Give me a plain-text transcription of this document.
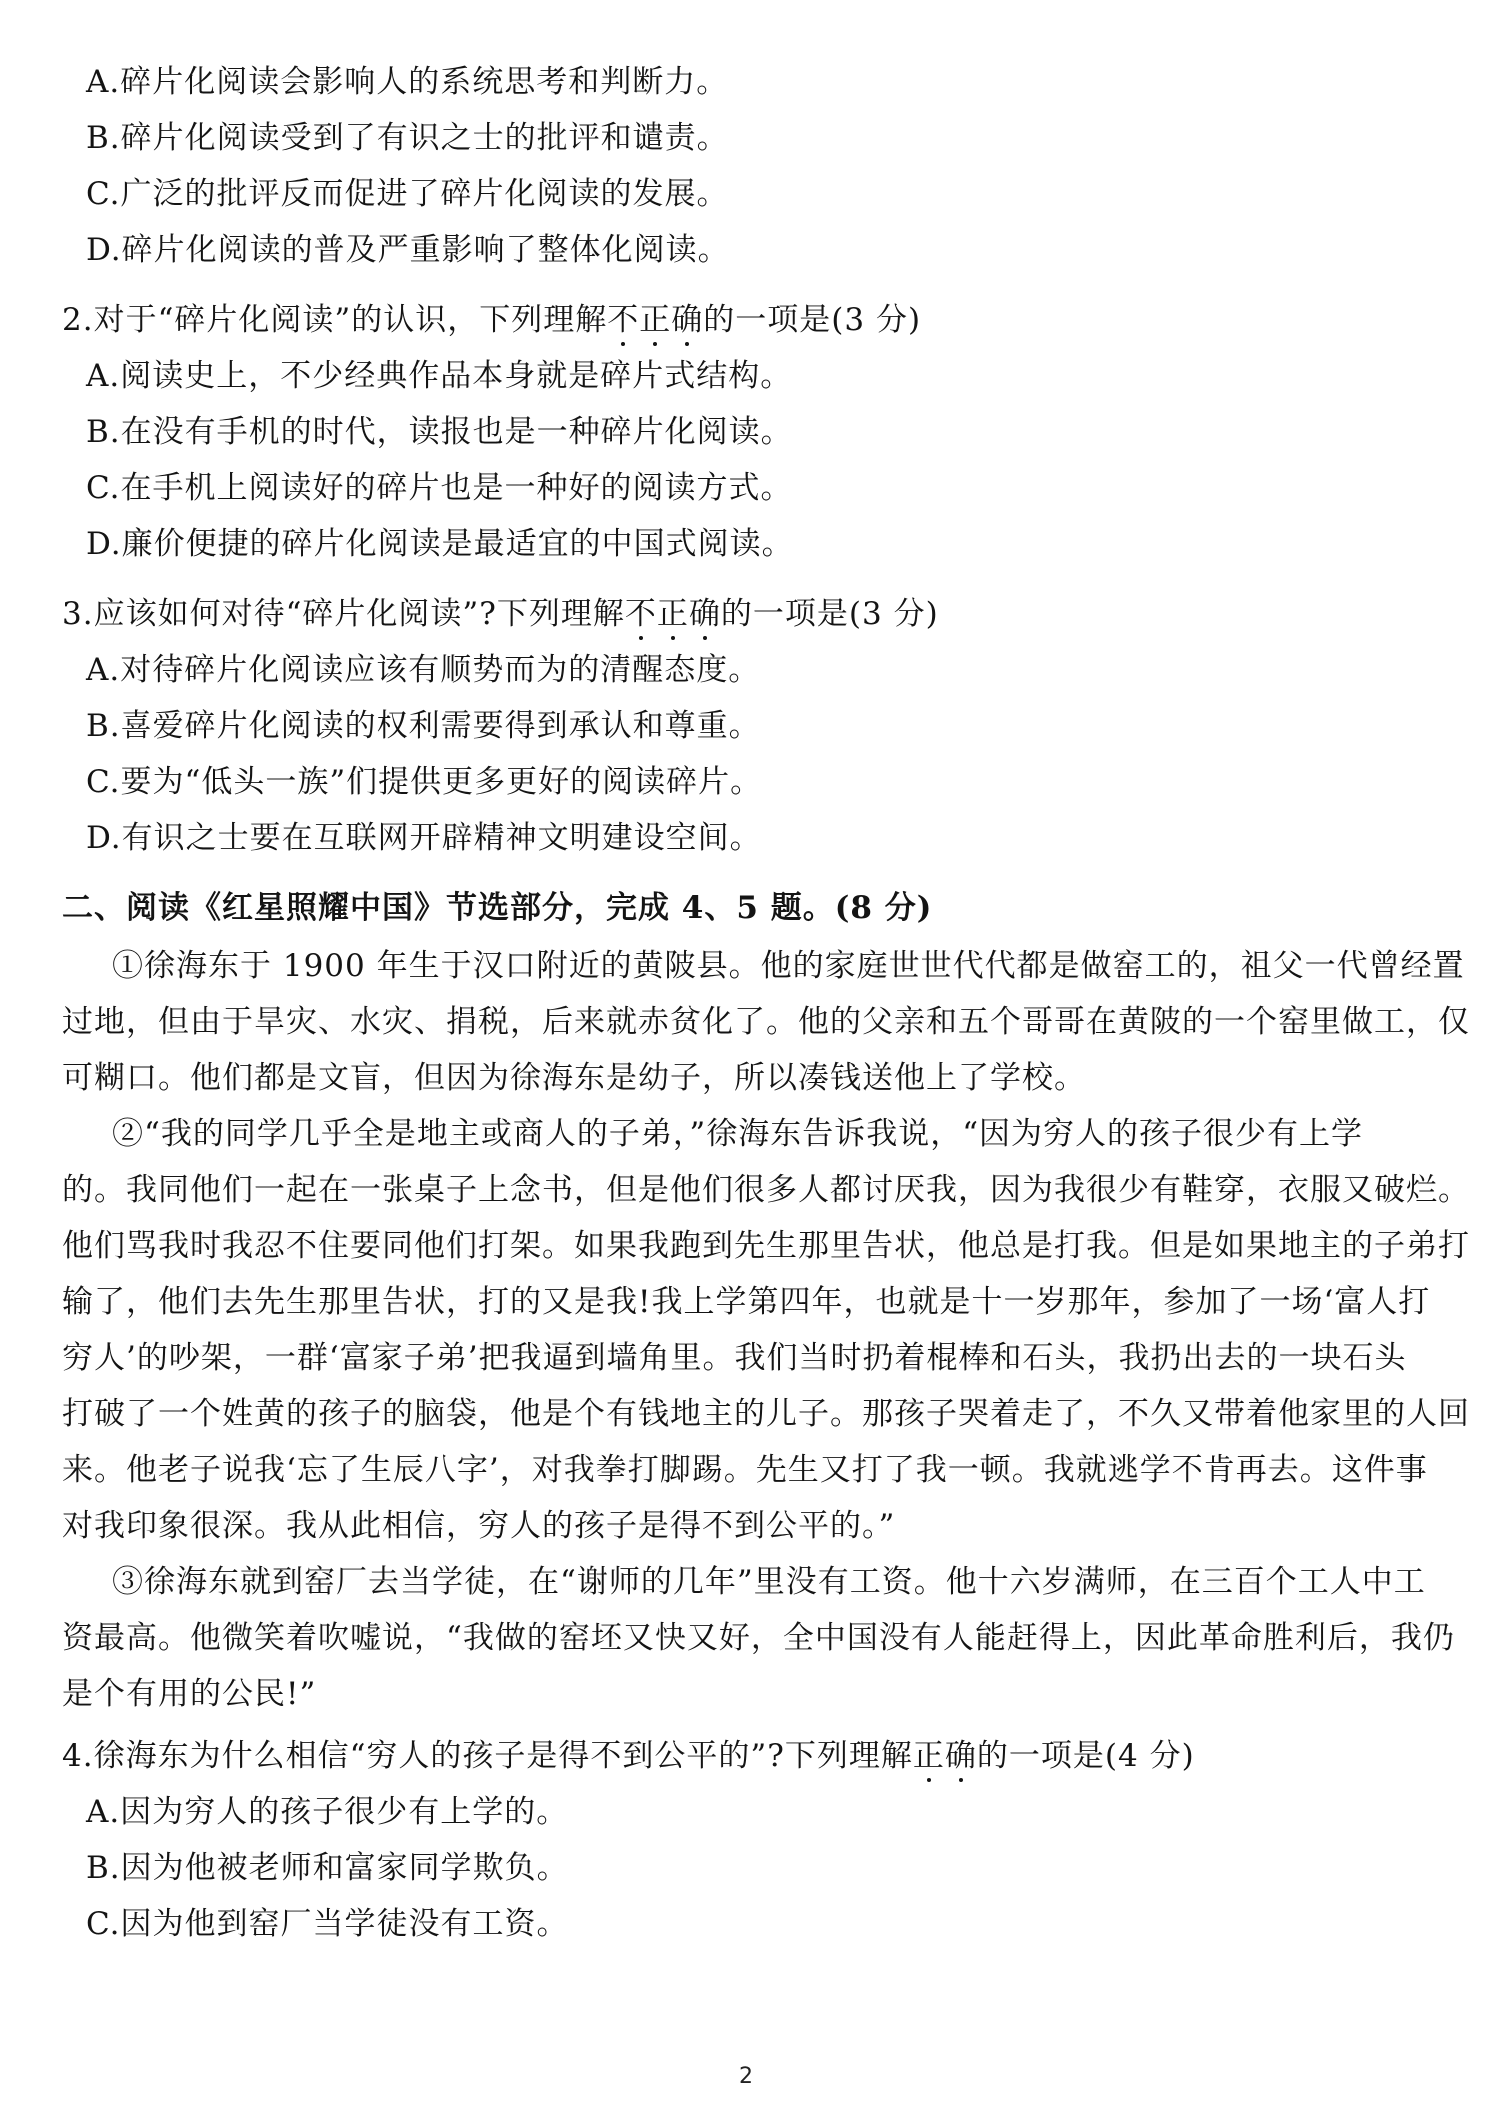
A.碎片化阅读会影响人的系统思考和判断力。
B.碎片化阅读受到了有识之士的批评和谴责。
C.广泛的批评反而促进了碎片化阅读的发展。
D.碎片化阅读的普及严重影响了整体化阅读。
2.对于“碎片化阅读”的认识，下列理解不正确的一项是(3 分)
A.阅读史上，不少经典作品本身就是碎片式结构。
B.在没有手机的时代，读报也是一种碎片化阅读。
C.在手机上阅读好的碎片也是一种好的阅读方式。
D.廉价便捷的碎片化阅读是最适宜的中国式阅读。
3.应该如何对待“碎片化阅读”?下列理解不正确的一项是(3 分)
A.对待碎片化阅读应该有顺势而为的清醒态度。
B.喜爱碎片化阅读的权利需要得到承认和尊重。
C.要为“低头一族”们提供更多更好的阅读碎片。
D.有识之士要在互联网开辟精神文明建设空间。
二、阅读《红星照耀中国》节选部分，完成 4、5 题。(8 分)
①徐海东于 1900 年生于汉口附近的黄陂县。他的家庭世世代代都是做窑工的，祖父一代曾经置
过地，但由于旱灾、水灾、捐税，后来就赤贫化了。他的父亲和五个哥哥在黄陂的一个窑里做工，仅
可糊口。他们都是文盲，但因为徐海东是幼子，所以凑钱送他上了学校。
②“我的同学几乎全是地主或商人的子弟，”徐海东告诉我说，“因为穷人的孩子很少有上学
的。我同他们一起在一张桌子上念书，但是他们很多人都讨厌我，因为我很少有鞋穿，衣服又破烂。
他们骂我时我忍不住要同他们打架。如果我跑到先生那里告状，他总是打我。但是如果地主的子弟打
输了，他们去先生那里告状，打的又是我!我上学第四年，也就是十一岁那年，参加了一场‘富人打
穷人’的吵架，一群‘富家子弟’把我逼到墙角里。我们当时扔着棍棒和石头，我扔出去的一块石头
打破了一个姓黄的孩子的脑袋，他是个有钱地主的儿子。那孩子哭着走了，不久又带着他家里的人回
来。他老子说我‘忘了生辰八字’，对我拳打脚踢。先生又打了我一顿。我就逃学不肯再去。这件事
对我印象很深。我从此相信，穷人的孩子是得不到公平的。”
③徐海东就到窑厂去当学徒，在“谢师的几年”里没有工资。他十六岁满师，在三百个工人中工
资最高。他微笑着吹嘘说，“我做的窑坯又快又好，全中国没有人能赶得上，因此革命胜利后，我仍
是个有用的公民!”
4.徐海东为什么相信“穷人的孩子是得不到公平的”?下列理解正确的一项是(4 分)
A.因为穷人的孩子很少有上学的。
B.因为他被老师和富家同学欺负。
C.因为他到窑厂当学徒没有工资。
2
